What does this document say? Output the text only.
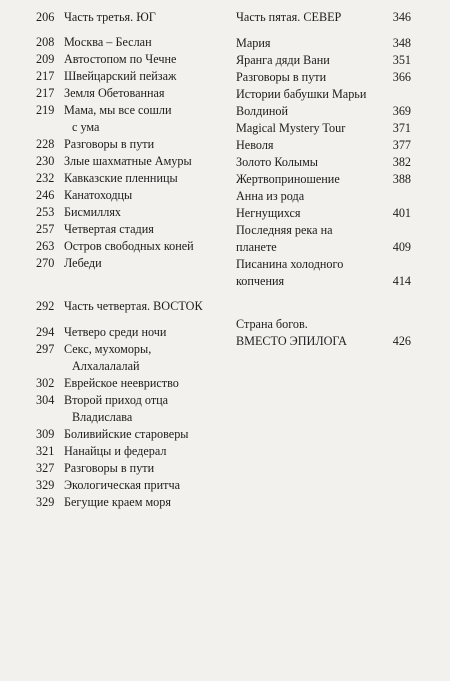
206 Часть третья. ЮГ
208 Москва – Беслан
209 Автостопом по Чечне
217 Швейцарский пейзаж
217 Земля Обетованная
219 Мама, мы все сошли
с ума
228 Разговоры в пути
230 Злые шахматные Амуры
232 Кавказские пленницы
246 Канатоходцы
253 Бисмиллях
257 Четвертая стадия
263 Остров свободных коней
270 Лебеди
292 Часть четвертая. ВОСТОК
294 Четверо среди ночи
297 Секс, мухоморы,
Алхалалалай
302 Еврейское неевриство
304 Второй приход отца
Владислава
309 Боливийские староверы
321 Нанайцы и федерал
327 Разговоры в пути
329 Экологическая притча
329 Бегущие краем моря
Часть пятая. СЕВЕР	346
Мария	348
Яранга дяди Вани	351
Разговоры в пути	366
Истории бабушки Марьи
Волдиной	369
Magical Mystery Tour	371
Неволя	377
Золото Колымы	382
Жертвоприношение	388
Анна из рода
Негнущихся	401
Последняя река на
планете	409
Писанина холодного
копчения	414
Страна богов.
ВМЕСТО ЭПИЛОГА	426
